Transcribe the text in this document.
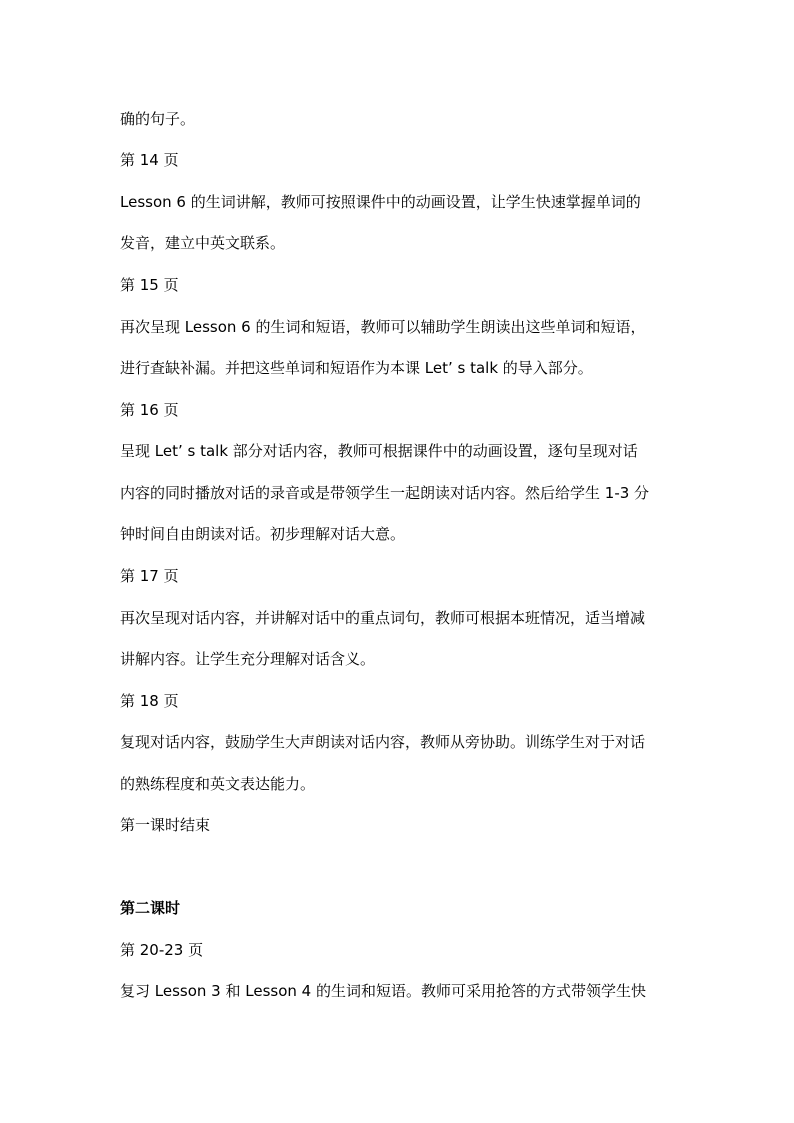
确的句子。
第 14 页
Lesson 6 的生词讲解，教师可按照课件中的动画设置，让学生快速掌握单词的
发音，建立中英文联系。
第 15 页
再次呈现 Lesson 6 的生词和短语，教师可以辅助学生朗读出这些单词和短语，
进行查缺补漏。并把这些单词和短语作为本课 Let’ s talk 的导入部分。
第 16 页
呈现 Let’ s talk 部分对话内容，教师可根据课件中的动画设置，逐句呈现对话
内容的同时播放对话的录音或是带领学生一起朗读对话内容。然后给学生 1-3 分
钟时间自由朗读对话。初步理解对话大意。
第 17 页
再次呈现对话内容，并讲解对话中的重点词句，教师可根据本班情况，适当增减
讲解内容。让学生充分理解对话含义。
第 18 页
复现对话内容，鼓励学生大声朗读对话内容，教师从旁协助。训练学生对于对话
的熟练程度和英文表达能力。
第一课时结束
第二课时
第 20-23 页
复习 Lesson 3 和 Lesson 4 的生词和短语。教师可采用抢答的方式带领学生快
